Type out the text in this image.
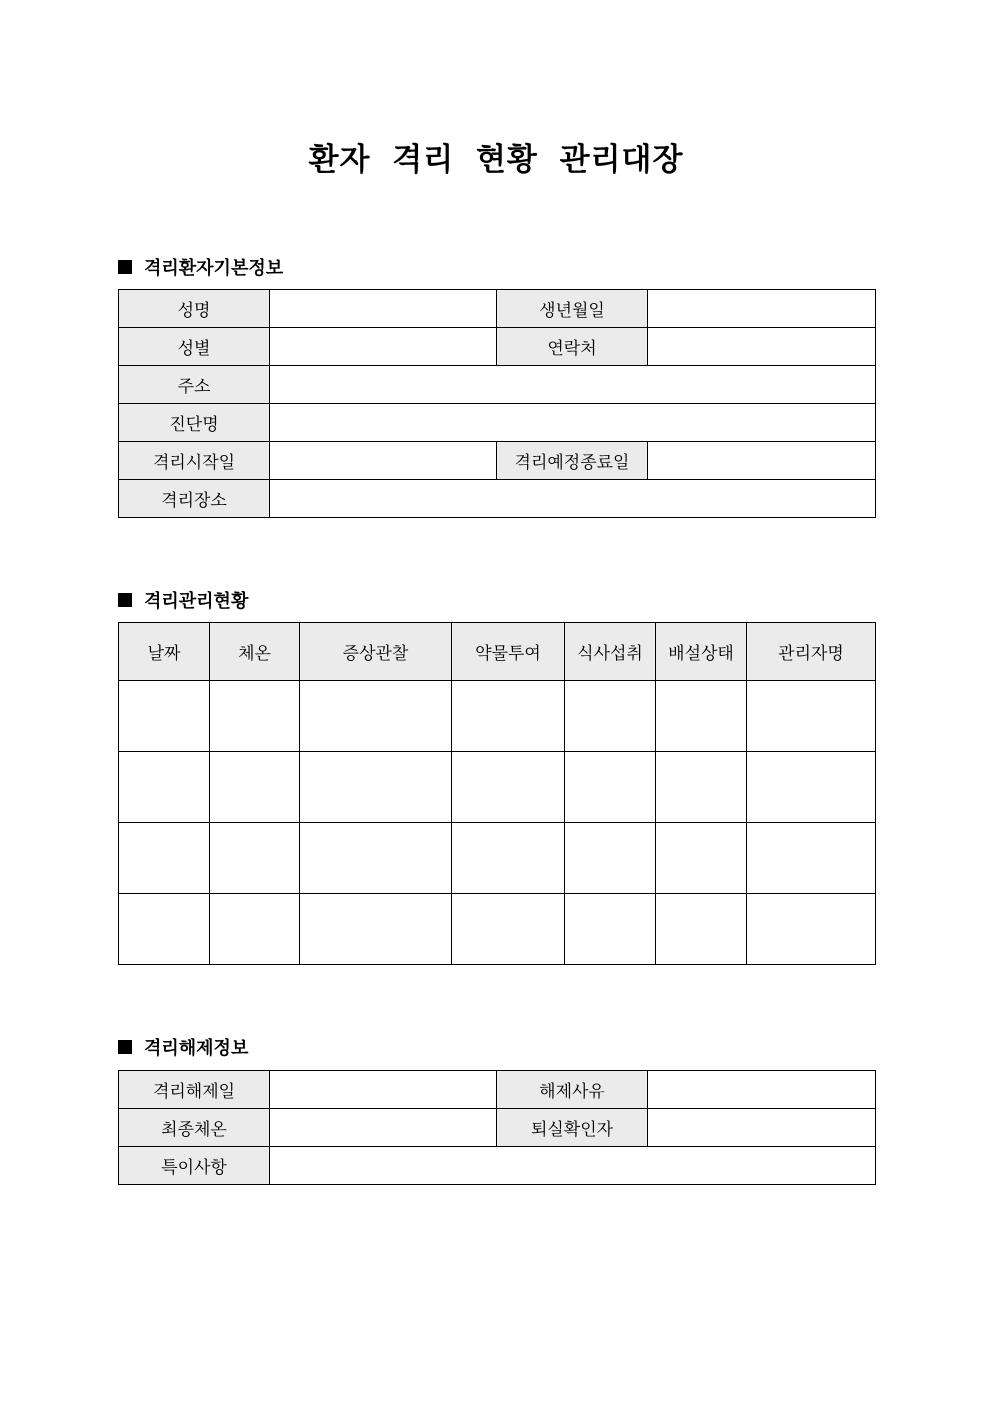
환자 격리 현황 관리대장
격리환자기본정보
성명		생년월일	
성별		연락처	
주소			
진단명			
격리시작일		격리예정종료일	
격리장소			
격리관리현황
날짜	체온	증상관찰	약물투여	식사섭취	배설상태	관리자명

격리해제정보
격리해제일		해제사유	
최종체온		퇴실확인자	
특이사항			
